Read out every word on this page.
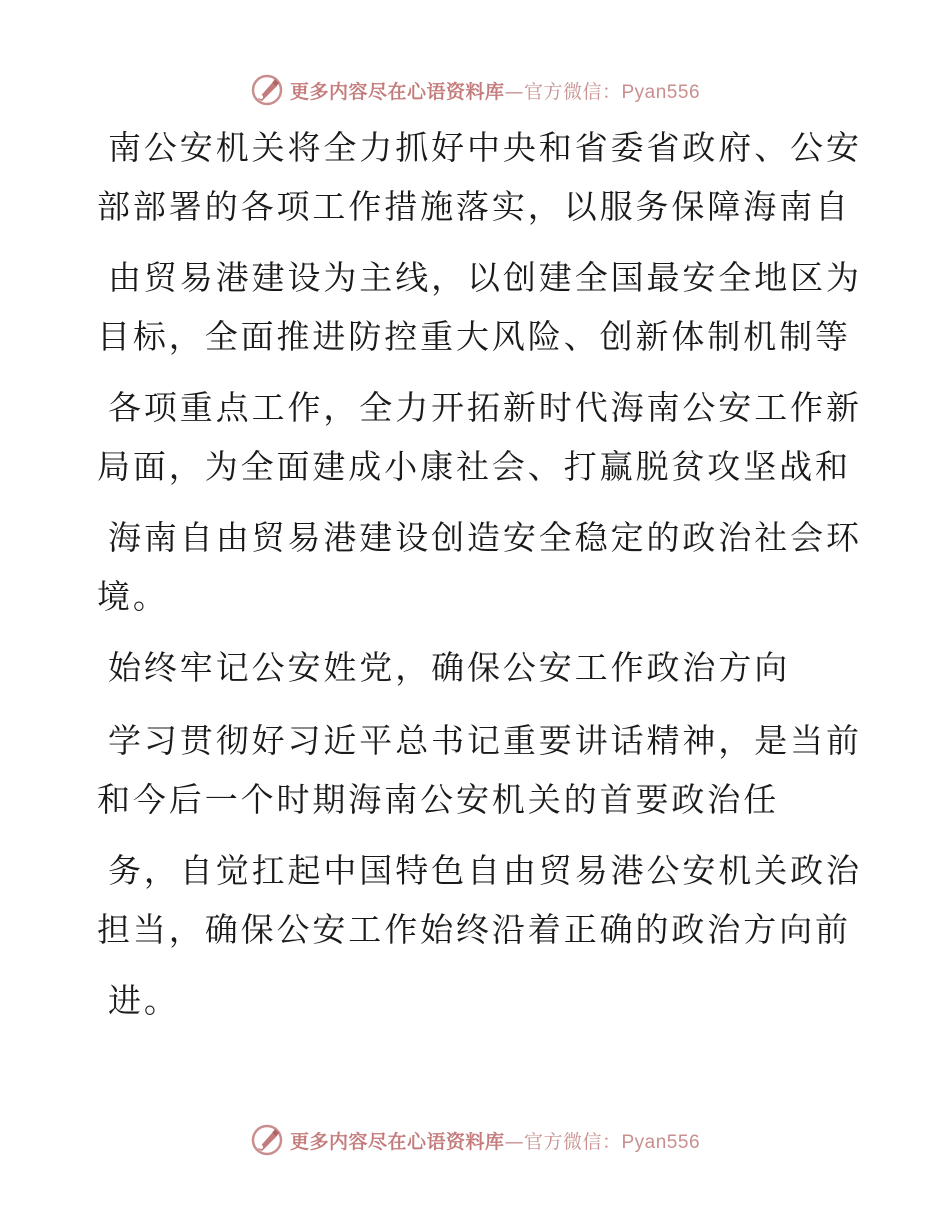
更多内容尽在心语资料库—官方微信：Pyan556
南公安机关将全力抓好中央和省委省政府、公安
部部署的各项工作措施落实，以服务保障海南自
由贸易港建设为主线，以创建全国最安全地区为
目标，全面推进防控重大风险、创新体制机制等
各项重点工作，全力开拓新时代海南公安工作新
局面，为全面建成小康社会、打赢脱贫攻坚战和
海南自由贸易港建设创造安全稳定的政治社会环
境。
始终牢记公安姓党，确保公安工作政治方向
学习贯彻好习近平总书记重要讲话精神，是当前
和今后一个时期海南公安机关的首要政治任
务，自觉扛起中国特色自由贸易港公安机关政治
担当，确保公安工作始终沿着正确的政治方向前
进。
更多内容尽在心语资料库—官方微信：Pyan556
